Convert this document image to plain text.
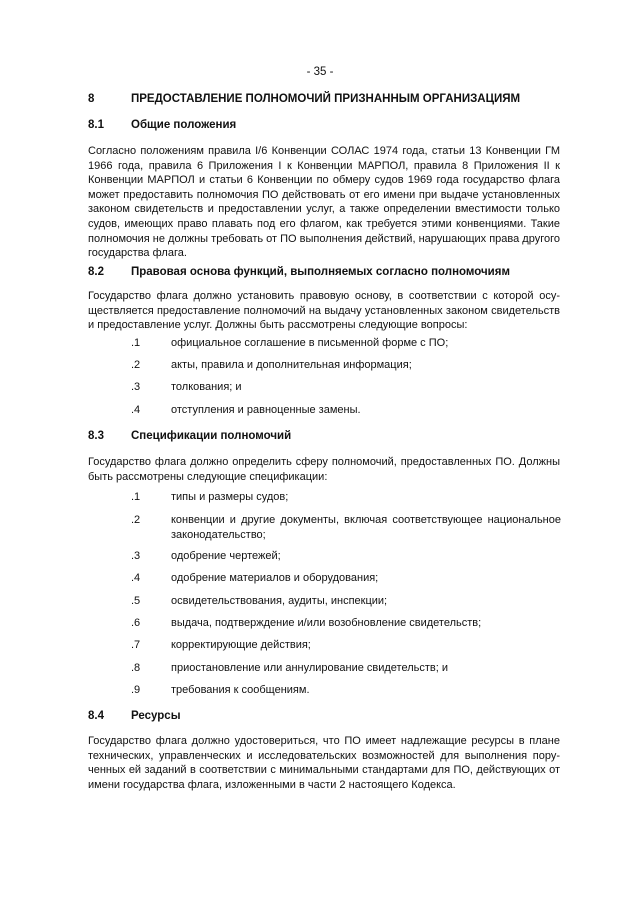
- 35 -
8	ПРЕДОСТАВЛЕНИЕ ПОЛНОМОЧИЙ ПРИЗНАННЫМ ОРГАНИЗАЦИЯМ
8.1 Общие положения
Согласно положениям правила I/6 Конвенции СОЛАС 1974 года, статьи 13 Конвенции ГМ 1966 года, правила 6 Приложения I к Конвенции МАРПОЛ, правила 8 Приложения II к Конвенции МАРПОЛ и статьи 6 Конвенции по обмеру судов 1969 года государство флага может предоставить полномочия ПО действовать от его имени при выдаче установленных законом свидетельств и предоставлении услуг, а также определении вместимости только судов, имеющих право плавать под его флагом, как требуется этими конвенциями. Такие полномочия не должны требовать от ПО выполнения действий, нарушающих права другого государства флага.
8.2 Правовая основа функций, выполняемых согласно полномочиям
Государство флага должно установить правовую основу, в соответствии с которой осуществляется предоставление полномочий на выдачу установленных законом свидетельств и предоставление услуг. Должны быть рассмотрены следующие вопросы:
.1	официальное соглашение в письменной форме с ПО;
.2	акты, правила и дополнительная информация;
.3	толкования; и
.4	отступления и равноценные замены.
8.3 Спецификации полномочий
Государство флага должно определить сферу полномочий, предоставленных ПО. Должны быть рассмотрены следующие спецификации:
.1	типы и размеры судов;
.2	конвенции и другие документы, включая соответствующее национальное законодательство;
.3	одобрение чертежей;
.4	одобрение материалов и оборудования;
.5	освидетельствования, аудиты, инспекции;
.6	выдача, подтверждение и/или возобновление свидетельств;
.7	корректирующие действия;
.8	приостановление или аннулирование свидетельств; и
.9	требования к сообщениям.
8.4 Ресурсы
Государство флага должно удостовериться, что ПО имеет надлежащие ресурсы в плане технических, управленческих и исследовательских возможностей для выполнения порученных ей заданий в соответствии с минимальными стандартами для ПО, действующих от имени государства флага, изложенными в части 2 настоящего Кодекса.
